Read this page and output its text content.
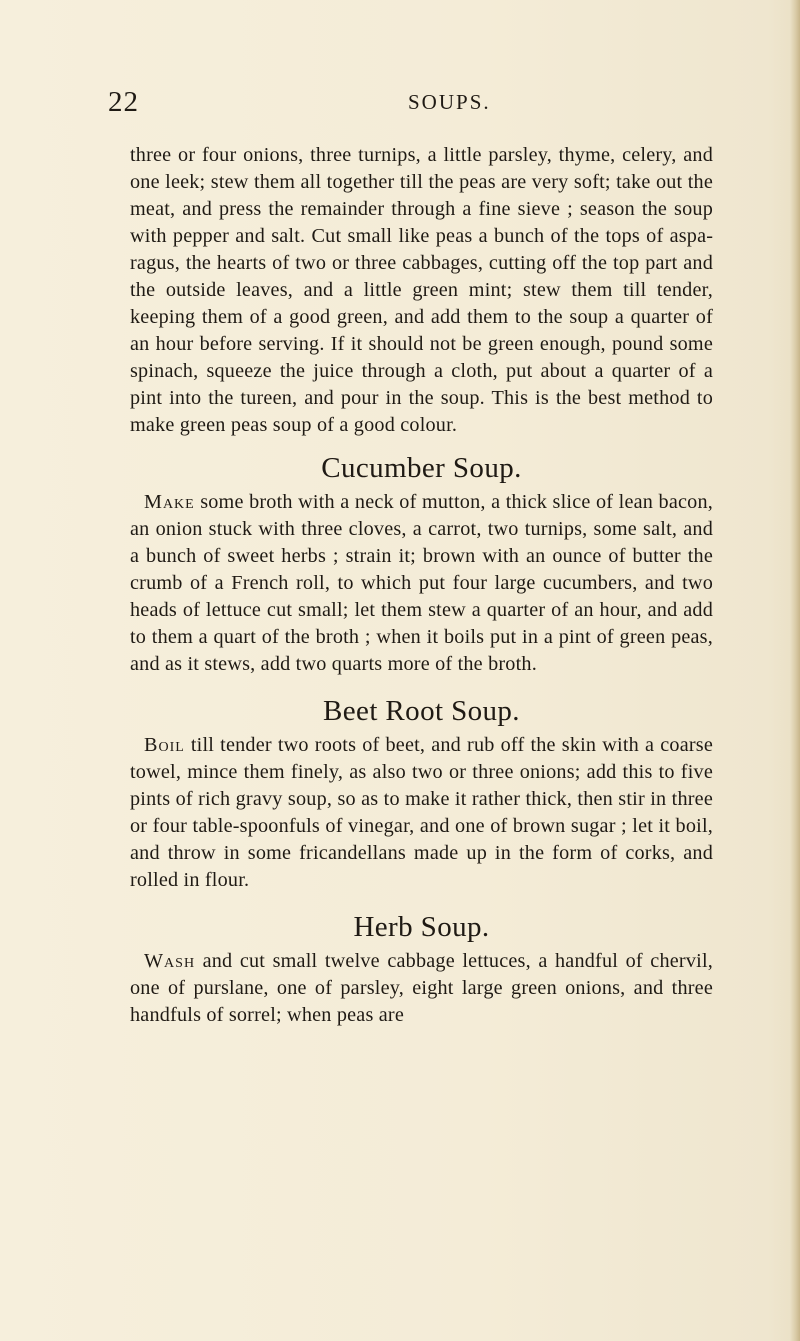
22	SOUPS.

three or four onions, three turnips, a little parsley, thyme, celery, and one leek; stew them all together till the peas are very soft; take out the meat, and press the remainder through a fine sieve ; season the soup with pepper and salt. Cut small like peas a bunch of the tops of asparagus, the hearts of two or three cabbages, cutting off the top part and the outside leaves, and a little green mint; stew them till tender, keeping them of a good green, and add them to the soup a quarter of an hour before serving. If it should not be green enough, pound some spinach, squeeze the juice through a cloth, put about a quarter of a pint into the tureen, and pour in the soup. This is the best method to make green peas soup of a good colour.

Cucumber Soup.

Make some broth with a neck of mutton, a thick slice of lean bacon, an onion stuck with three cloves, a carrot, two turnips, some salt, and a bunch of sweet herbs ; strain it; brown with an ounce of butter the crumb of a French roll, to which put four large cucumbers, and two heads of lettuce cut small; let them stew a quarter of an hour, and add to them a quart of the broth ; when it boils put in a pint of green peas, and as it stews, add two quarts more of the broth.

Beet Root Soup.

Boil till tender two roots of beet, and rub off the skin with a coarse towel, mince them finely, as also two or three onions; add this to five pints of rich gravy soup, so as to make it rather thick, then stir in three or four table-spoonfuls of vinegar, and one of brown sugar ; let it boil, and throw in some fricandellans made up in the form of corks, and rolled in flour.

Herb Soup.

Wash and cut small twelve cabbage lettuces, a handful of chervil, one of purslane, one of parsley, eight large green onions, and three handfuls of sorrel; when peas are
